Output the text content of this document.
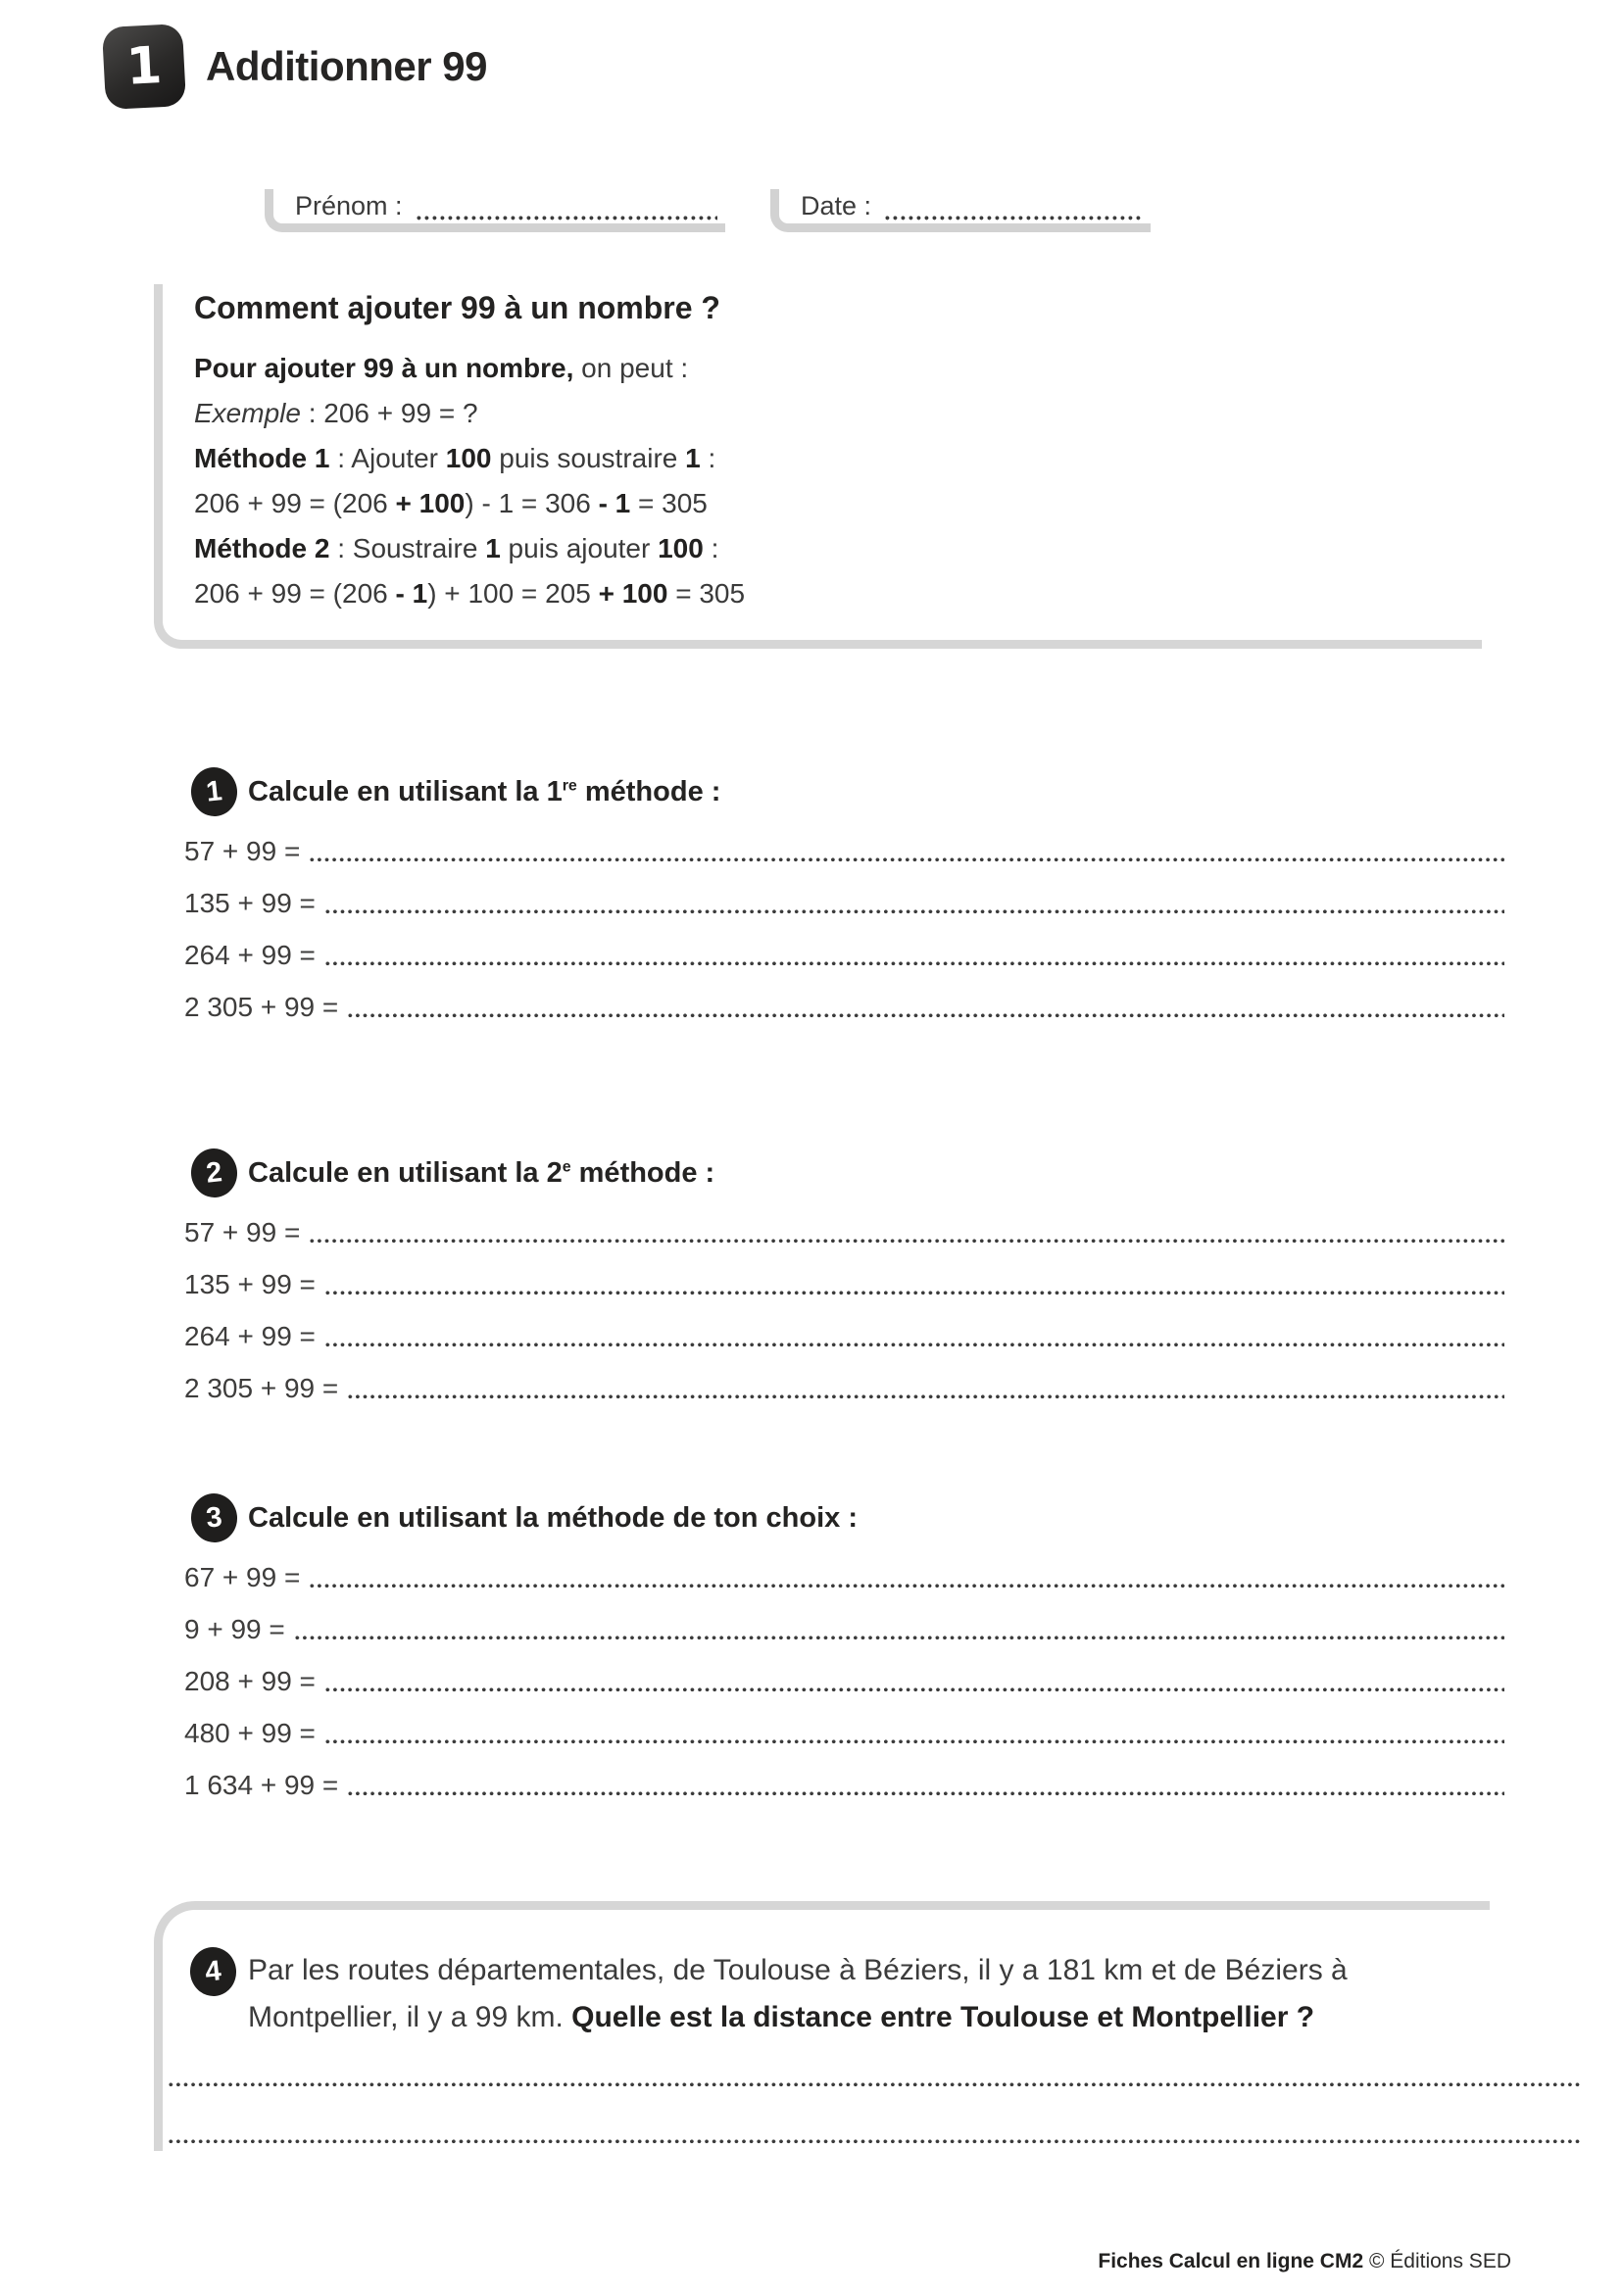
1 Additionner 99
Prénom :	Date :
Comment ajouter 99 à un nombre ?

Pour ajouter 99 à un nombre, on peut :

Exemple : 206 + 99 = ?

Méthode 1 : Ajouter 100 puis soustraire 1 :

206 + 99 = (206 + 100) - 1 = 306 - 1 = 305

Méthode 2 : Soustraire 1 puis ajouter 100 :

206 + 99 = (206 - 1) + 100 = 205 + 100 = 305

1 Calcule en utilisant la 1re méthode :
57 + 99 =
135 + 99 =
264 + 99 =
2 305 + 99 =
2 Calcule en utilisant la 2e méthode :
57 + 99 =
135 + 99 =
264 + 99 =
2 305 + 99 =
3 Calcule en utilisant la méthode de ton choix :
67 + 99 =
9 + 99 =
208 + 99 =
480 + 99 =
1 634 + 99 =
4 Par les routes départementales, de Toulouse à Béziers, il y a 181 km et de Béziers à

Montpellier, il y a 99 km. Quelle est la distance entre Toulouse et Montpellier ?

Fiches Calcul en ligne CM2 © Éditions SED
